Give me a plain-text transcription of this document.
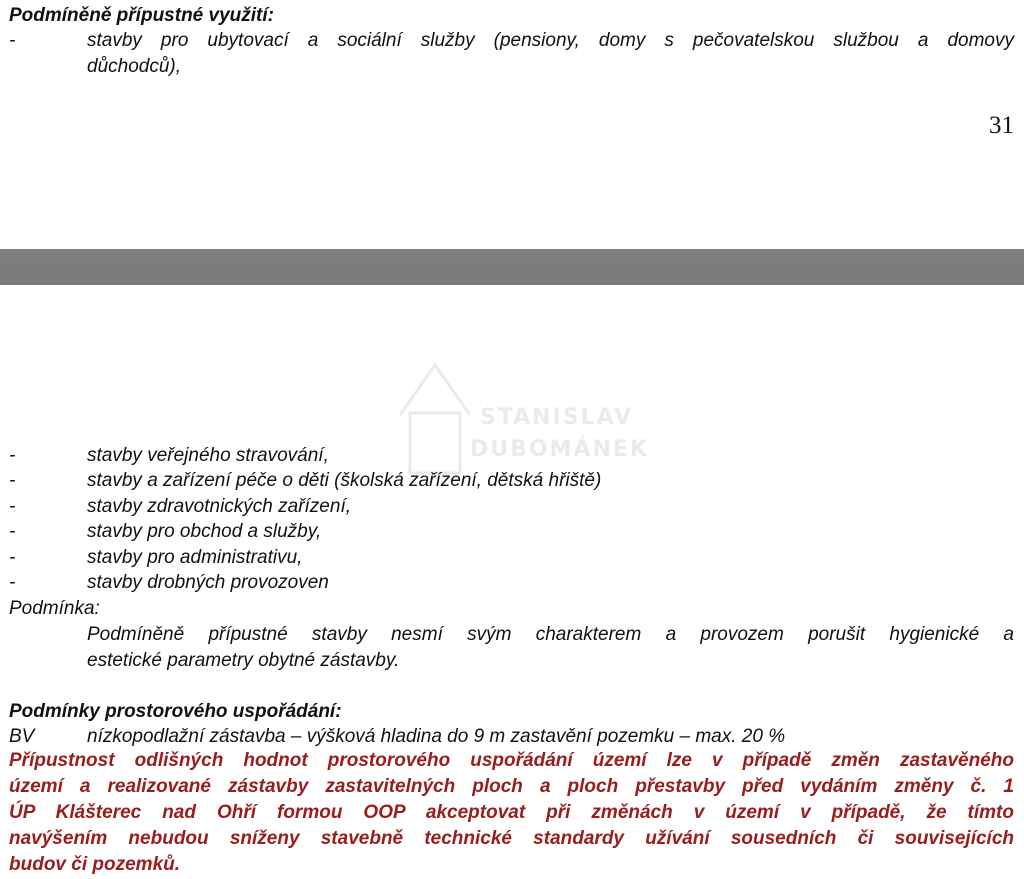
Podmíněně přípustné využití:
-	stavby pro ubytovací a sociální služby (pensiony, domy s pečovatelskou službou a domovy
důchodců),
31
STANISLAV
DUBOMÁNEK
-	stavby veřejného stravování,
-	stavby a zařízení péče o děti (školská zařízení, dětská hřiště)
-	stavby zdravotnických zařízení,
-	stavby pro obchod a služby,
-	stavby pro administrativu,
-	stavby drobných provozoven
Podmínka:
Podmíněně přípustné stavby nesmí svým charakterem a provozem porušit hygienické a
estetické parametry obytné zástavby.
Podmínky prostorového uspořádání:
BV	nízkopodlažní zástavba – výšková hladina do 9 m zastavění pozemku – max. 20 %
Přípustnost odlišných hodnot prostorového uspořádání území lze v případě změn zastavěného
území a realizované zástavby zastavitelných ploch a ploch přestavby před vydáním změny č. 1
ÚP Klášterec nad Ohří formou OOP akceptovat při změnách v území v případě, že tímto
navýšením nebudou sníženy stavebně technické standardy užívání sousedních či souvisejících
budov či pozemků.
